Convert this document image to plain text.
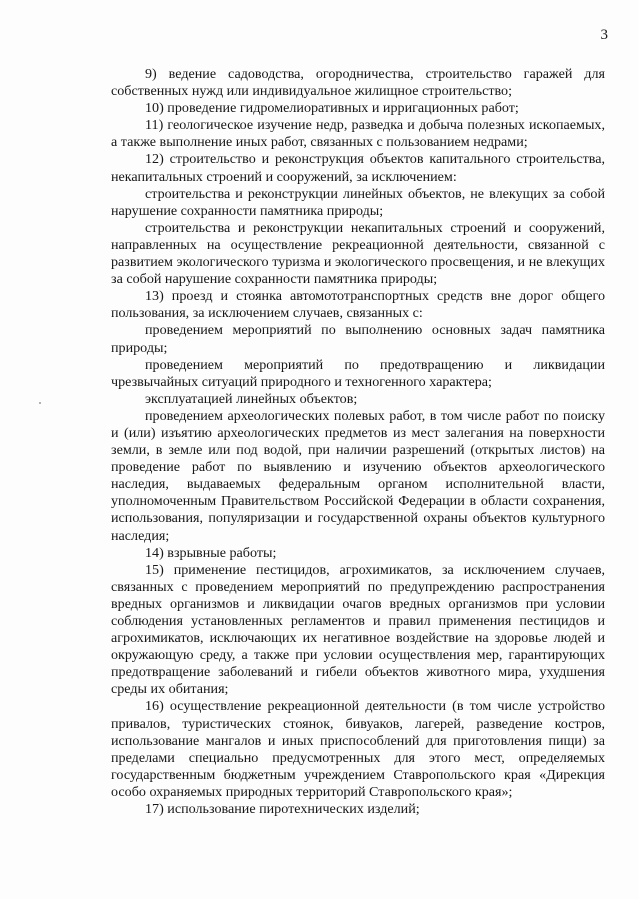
3

9) ведение садоводства, огородничества, строительство гаражей для собственных нужд или индивидуальное жилищное строительство;

10) проведение гидромелиоративных и ирригационных работ;

11) геологическое изучение недр, разведка и добыча полезных ископаемых, а также выполнение иных работ, связанных с пользованием недрами;

12) строительство и реконструкция объектов капитального строительства, некапитальных строений и сооружений, за исключением:

строительства и реконструкции линейных объектов, не влекущих за собой нарушение сохранности памятника природы;

строительства и реконструкции некапитальных строений и сооружений, направленных на осуществление рекреационной деятельности, связанной с развитием экологического туризма и экологического просвещения, и не влекущих за собой нарушение сохранности памятника природы;

13) проезд и стоянка автомототранспортных средств вне дорог общего пользования, за исключением случаев, связанных с:

проведением мероприятий по выполнению основных задач памятника природы;

проведением мероприятий по предотвращению и ликвидации чрезвычайных ситуаций природного и техногенного характера;

эксплуатацией линейных объектов;

проведением археологических полевых работ, в том числе работ по поиску и (или) изъятию археологических предметов из мест залегания на поверхности земли, в земле или под водой, при наличии разрешений (открытых листов) на проведение работ по выявлению и изучению объектов археологического наследия, выдаваемых федеральным органом исполнительной власти, уполномоченным Правительством Российской Федерации в области сохранения, использования, популяризации и государственной охраны объектов культурного наследия;

14) взрывные работы;

15) применение пестицидов, агрохимикатов, за исключением случаев, связанных с проведением мероприятий по предупреждению распространения вредных организмов и ликвидации очагов вредных организмов при условии соблюдения установленных регламентов и правил применения пестицидов и агрохимикатов, исключающих их негативное воздействие на здоровье людей и окружающую среду, а также при условии осуществления мер, гарантирующих предотвращение заболеваний и гибели объектов животного мира, ухудшения среды их обитания;

16) осуществление рекреационной деятельности (в том числе устройство привалов, туристических стоянок, бивуаков, лагерей, разведение костров, использование мангалов и иных приспособлений для приготовления пищи) за пределами специально предусмотренных для этого мест, определяемых государственным бюджетным учреждением Ставропольского края «Дирекция особо охраняемых природных территорий Ставропольского края»;

17) использование пиротехнических изделий;
